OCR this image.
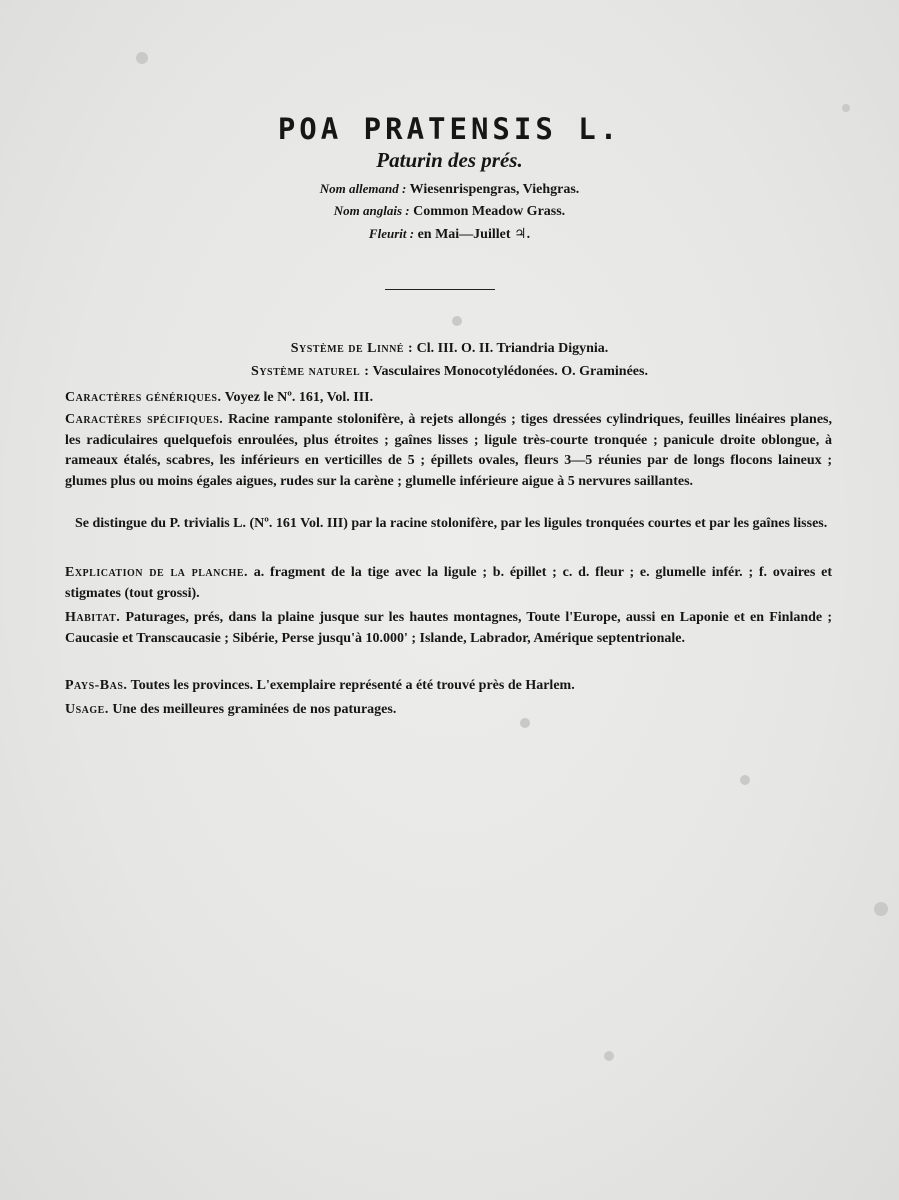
POA PRATENSIS L.
Paturin des prés.
Nom allemand : Wiesenrispengras, Viehgras.
Nom anglais : Common Meadow Grass.
Fleurit : en Mai—Juillet ♃.
Système de Linné : Cl. III. O. II. Triandria Digynia.
Système naturel : Vasculaires Monocotylédonées. O. Graminées.
Caractères génériques. Voyez le Nº. 161, Vol. III.
Caractères spécifiques. Racine rampante stolonifère, à rejets allongés ; tiges dressées cylindriques, feuilles linéaires planes, les radiculaires quelquefois enroulées, plus étroites ; gaînes lisses ; ligule très-courte tronquée ; panicule droite oblongue, à rameaux étalés, scabres, les inférieurs en verticilles de 5 ; épillets ovales, fleurs 3—5 réunies par de longs flocons laineux ; glumes plus ou moins égales aigues, rudes sur la carène ; glumelle inférieure aigue à 5 nervures saillantes.
Se distingue du P. trivialis L. (Nº. 161 Vol. III) par la racine stolonifère, par les ligules tronquées courtes et par les gaînes lisses.
Explication de la planche. a. fragment de la tige avec la ligule ; b. épillet ; c. d. fleur ; e. glumelle infér. ; f. ovaires et stigmates (tout grossi).
Habitat. Paturages, prés, dans la plaine jusque sur les hautes montagnes, Toute l'Europe, aussi en Laponie et en Finlande ; Caucasie et Transcaucasie ; Sibérie, Perse jusqu'à 10.000' ; Islande, Labrador, Amérique septentrionale.
Pays-Bas. Toutes les provinces. L'exemplaire représenté a été trouvé près de Harlem.
Usage. Une des meilleures graminées de nos paturages.
